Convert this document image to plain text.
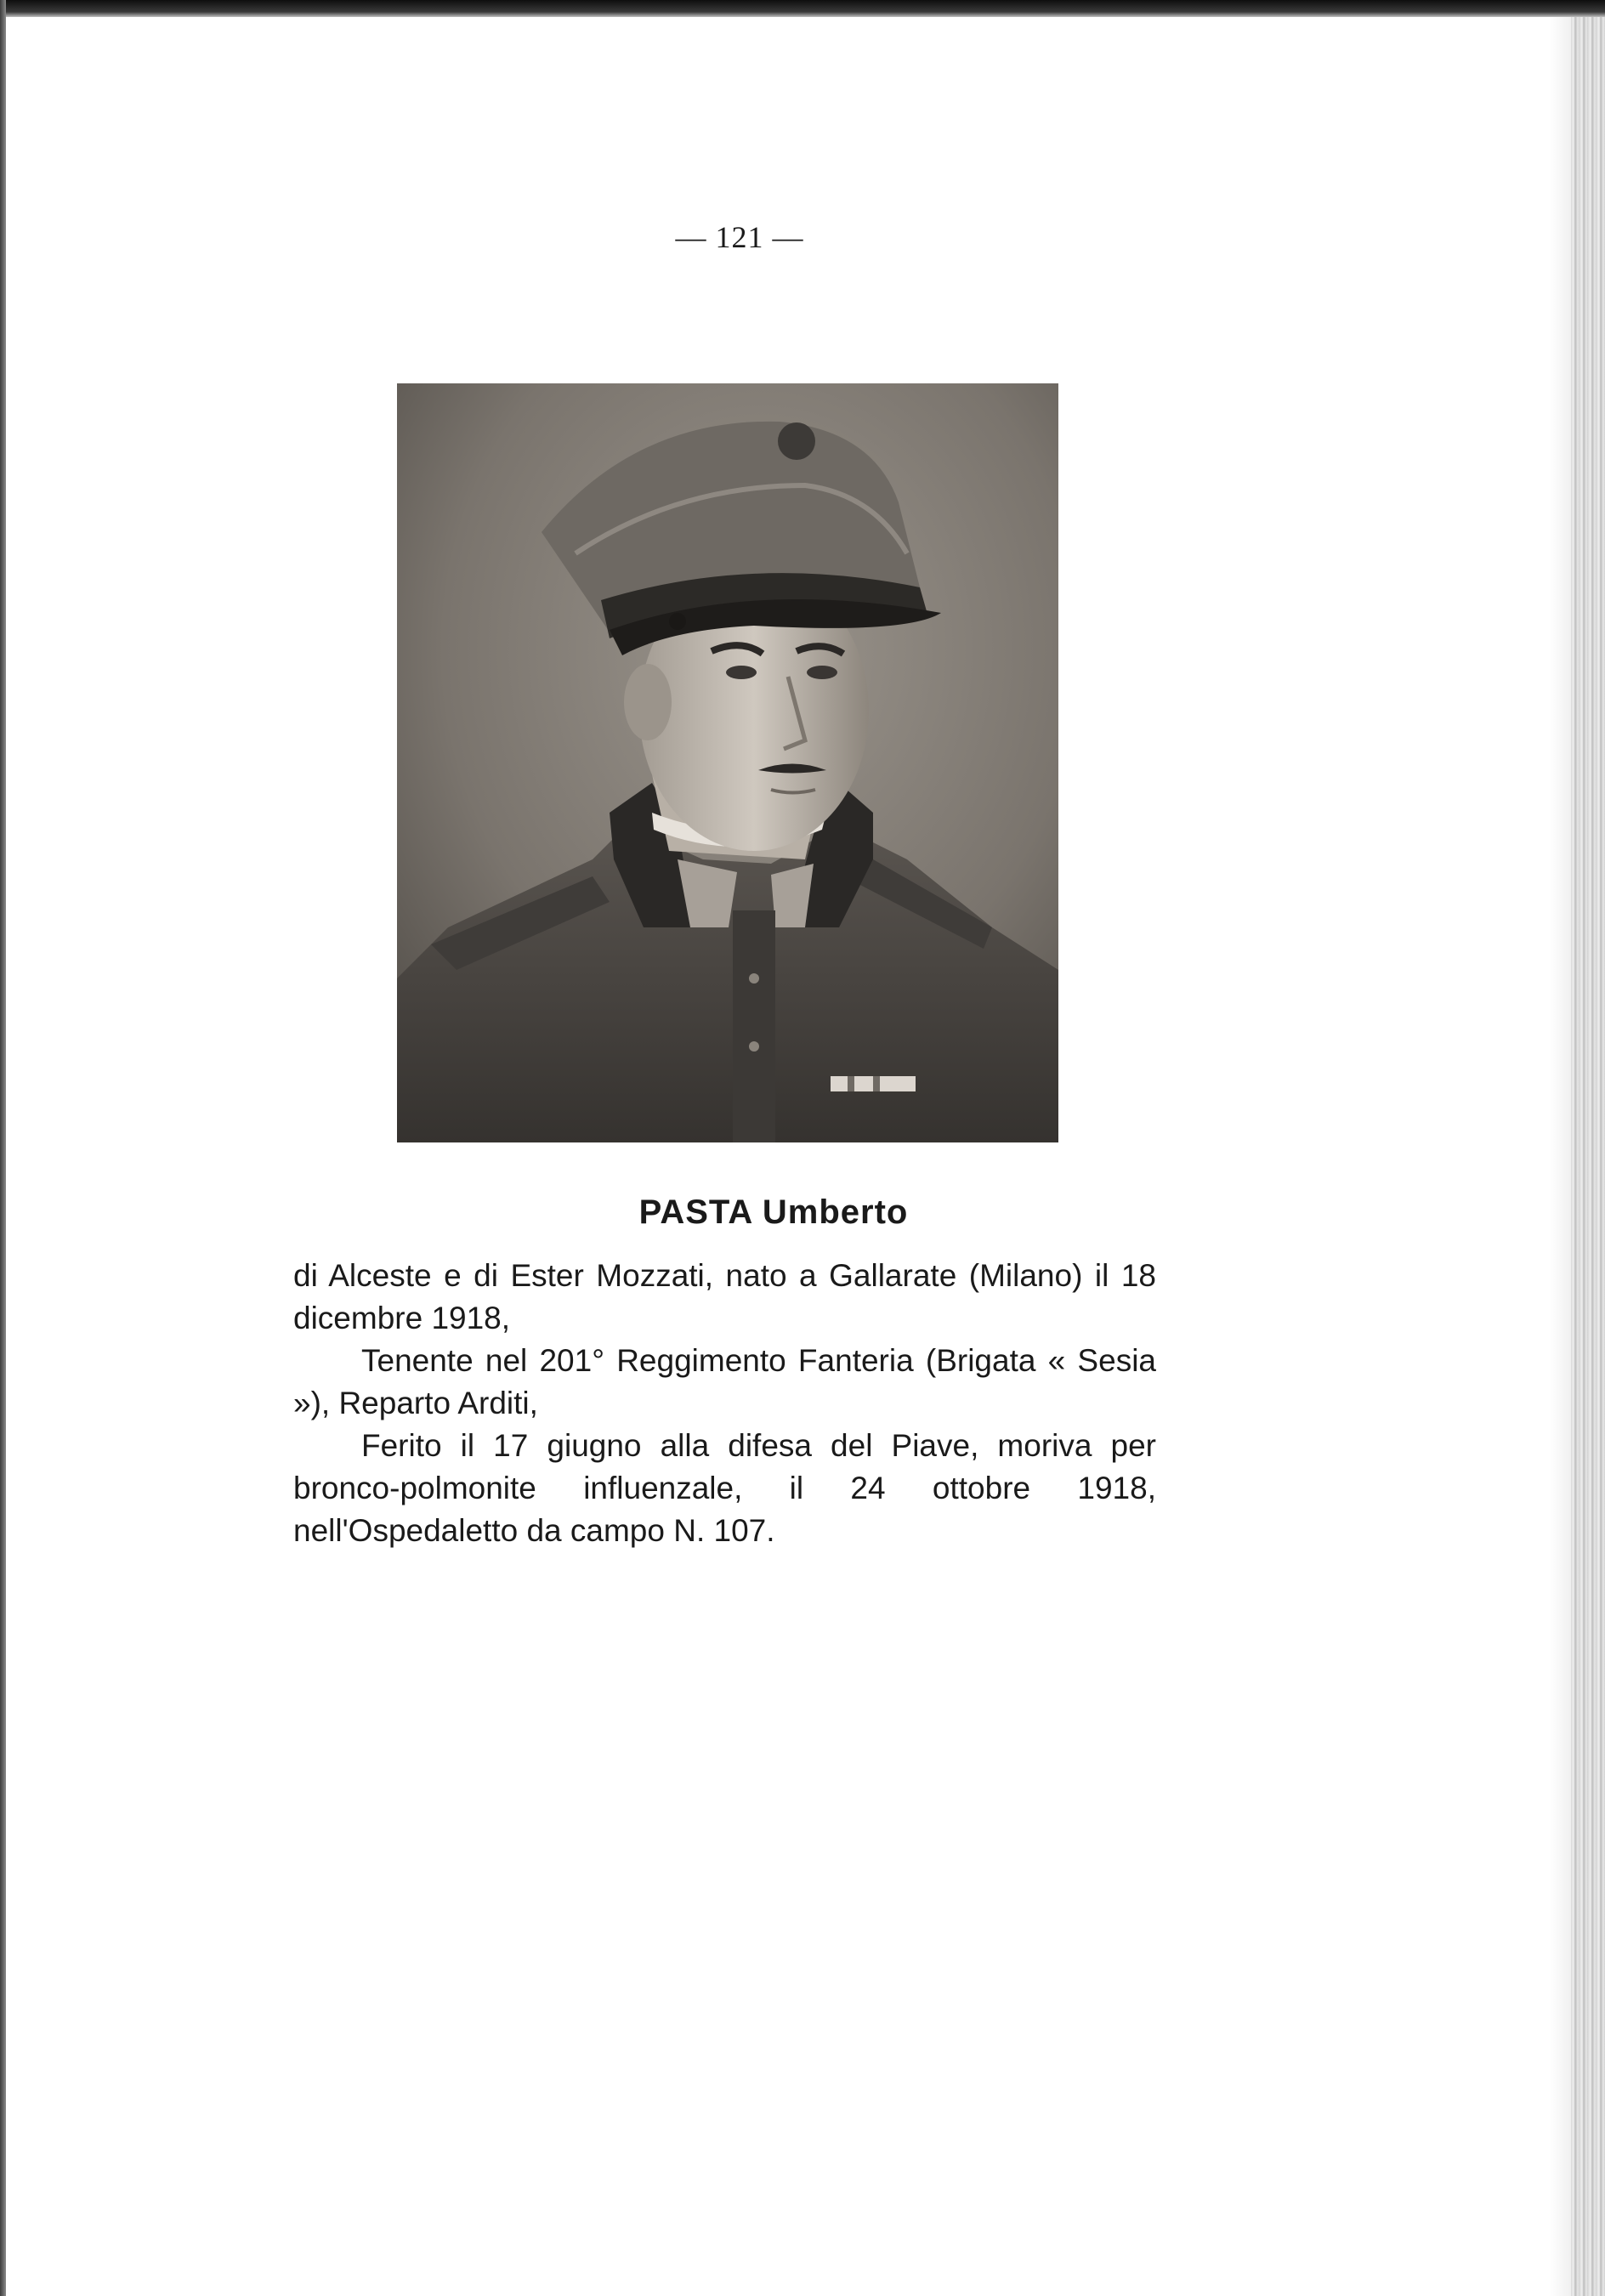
— 121 —
PASTA Umberto

di Alceste e di Ester Mozzati, nato a Gallarate (Milano) il 18 dicembre 1918,

Tenente nel 201° Reggimento Fanteria (Brigata « Sesia »), Reparto Arditi,

Ferito il 17 giugno alla difesa del Piave, moriva per bronco-polmonite influenzale, il 24 ottobre 1918, nell'Ospedaletto da campo N. 107.
